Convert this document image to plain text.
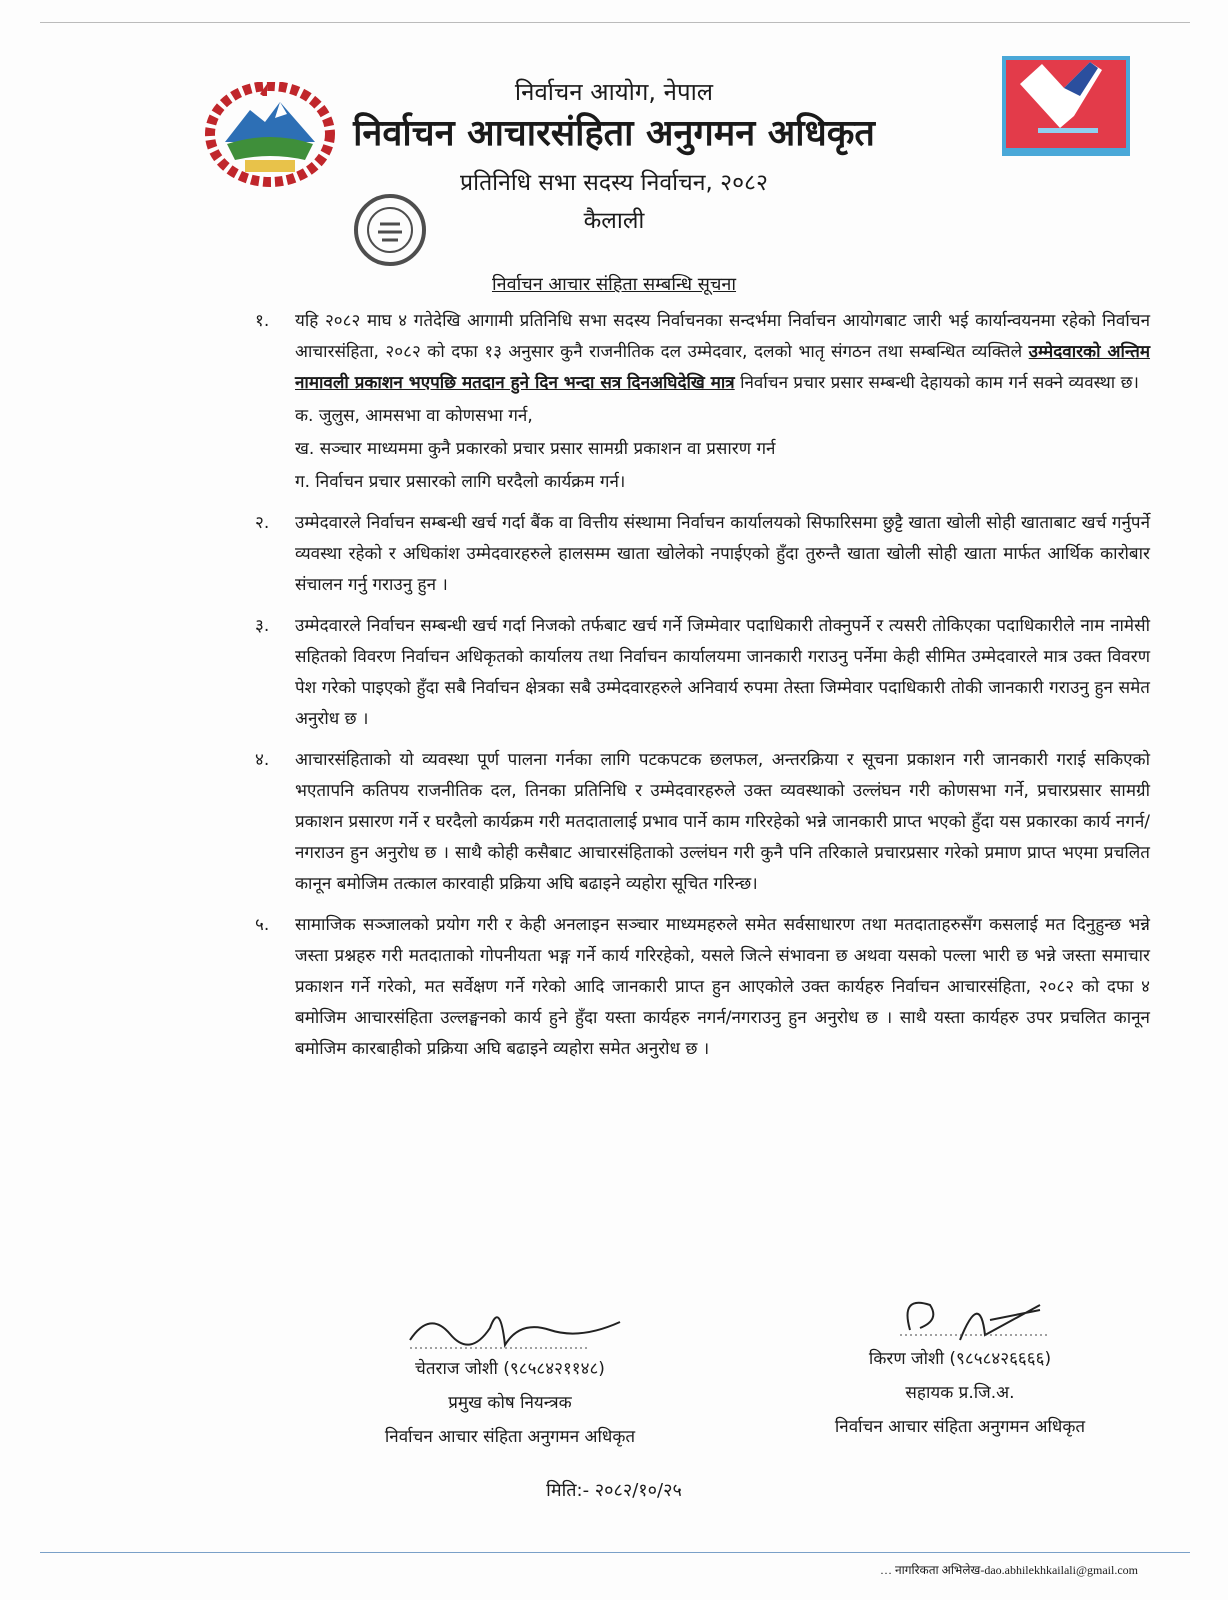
निर्वाचन आयोग, नेपाल
निर्वाचन आचारसंहिता अनुगमन अधिकृत
प्रतिनिधि सभा सदस्य निर्वाचन, २०८२
कैलाली
निर्वाचन आचार संहिता सम्बन्धि सूचना
१.	यहि २०८२ माघ ४ गतेदेखि आगामी प्रतिनिधि सभा सदस्य निर्वाचनका सन्दर्भमा निर्वाचन आयोगबाट जारी भई कार्यान्वयनमा रहेको निर्वाचन आचारसंहिता, २०८२ को दफा १३ अनुसार कुनै राजनीतिक दल उम्मेदवार, दलको भातृ संगठन तथा सम्बन्धित व्यक्तिले उम्मेदवारको अन्तिम नामावली प्रकाशन भएपछि मतदान हुने दिन भन्दा सत्र दिनअघिदेखि मात्र निर्वाचन प्रचार प्रसार सम्बन्धी देहायको काम गर्न सक्ने व्यवस्था छ।
क. जुलुस, आमसभा वा कोणसभा गर्न,
ख. सञ्चार माध्यममा कुनै प्रकारको प्रचार प्रसार सामग्री प्रकाशन वा प्रसारण गर्न
ग. निर्वाचन प्रचार प्रसारको लागि घरदैलो कार्यक्रम गर्न।
२.	उम्मेदवारले निर्वाचन सम्बन्धी खर्च गर्दा बैंक वा वित्तीय संस्थामा निर्वाचन कार्यालयको सिफारिसमा छुट्टै खाता खोली सोही खाताबाट खर्च गर्नुपर्ने व्यवस्था रहेको र अधिकांश उम्मेदवारहरुले हालसम्म खाता खोलेको नपाईएको हुँदा तुरुन्तै खाता खोली सोही खाता मार्फत आर्थिक कारोबार संचालन गर्नु गराउनु हुन ।
३.	उम्मेदवारले निर्वाचन सम्बन्धी खर्च गर्दा निजको तर्फबाट खर्च गर्ने जिम्मेवार पदाधिकारी तोक्नुपर्ने र त्यसरी तोकिएका पदाधिकारीले नाम नामेसी सहितको विवरण निर्वाचन अधिकृतको कार्यालय तथा निर्वाचन कार्यालयमा जानकारी गराउनु पर्नेमा केही सीमित उम्मेदवारले मात्र उक्त विवरण पेश गरेको पाइएको हुँदा सबै निर्वाचन क्षेत्रका सबै उम्मेदवारहरुले अनिवार्य रुपमा तेस्ता जिम्मेवार पदाधिकारी तोकी जानकारी गराउनु हुन समेत अनुरोध छ ।
४.	आचारसंहिताको यो व्यवस्था पूर्ण पालना गर्नका लागि पटकपटक छलफल, अन्तरक्रिया र सूचना प्रकाशन गरी जानकारी गराई सकिएको भएतापनि कतिपय राजनीतिक दल, तिनका प्रतिनिधि र उम्मेदवारहरुले उक्त व्यवस्थाको उल्लंघन गरी कोणसभा गर्ने, प्रचारप्रसार सामग्री प्रकाशन प्रसारण गर्ने र घरदैलो कार्यक्रम गरी मतदातालाई प्रभाव पार्ने काम गरिरहेको भन्ने जानकारी प्राप्त भएको हुँदा यस प्रकारका कार्य नगर्न/नगराउन हुन अनुरोध छ । साथै कोही कसैबाट आचारसंहिताको उल्लंघन गरी कुनै पनि तरिकाले प्रचारप्रसार गरेको प्रमाण प्राप्त भएमा प्रचलित कानून बमोजिम तत्काल कारवाही प्रक्रिया अघि बढाइने व्यहोरा सूचित गरिन्छ।
५.	सामाजिक सञ्जालको प्रयोग गरी र केही अनलाइन सञ्चार माध्यमहरुले समेत सर्वसाधारण तथा मतदाताहरुसँग कसलाई मत दिनुहुन्छ भन्ने जस्ता प्रश्नहरु गरी मतदाताको गोपनीयता भङ्ग गर्ने कार्य गरिरहेको, यसले जित्ने संभावना छ अथवा यसको पल्ला भारी छ भन्ने जस्ता समाचार प्रकाशन गर्ने गरेको, मत सर्वेक्षण गर्ने गरेको आदि जानकारी प्राप्त हुन आएकोले उक्त कार्यहरु निर्वाचन आचारसंहिता, २०८२ को दफा ४ बमोजिम आचारसंहिता उल्लङ्घनको कार्य हुने हुँदा यस्ता कार्यहरु नगर्न/नगराउनु हुन अनुरोध छ । साथै यस्ता कार्यहरु उपर प्रचलित कानून बमोजिम कारबाहीको प्रक्रिया अघि बढाइने व्यहोरा समेत अनुरोध छ ।
चेतराज जोशी (९८५८४२११४८)
प्रमुख कोष नियन्त्रक
निर्वाचन आचार संहिता अनुगमन अधिकृत
किरण जोशी (९८५८४२६६६६)
सहायक प्र.जि.अ.
निर्वाचन आचार संहिता अनुगमन अधिकृत
मिति:- २०८२/१०/२५
… नागरिकता अभिलेख-dao.abhilekhkailali@gmail.com
